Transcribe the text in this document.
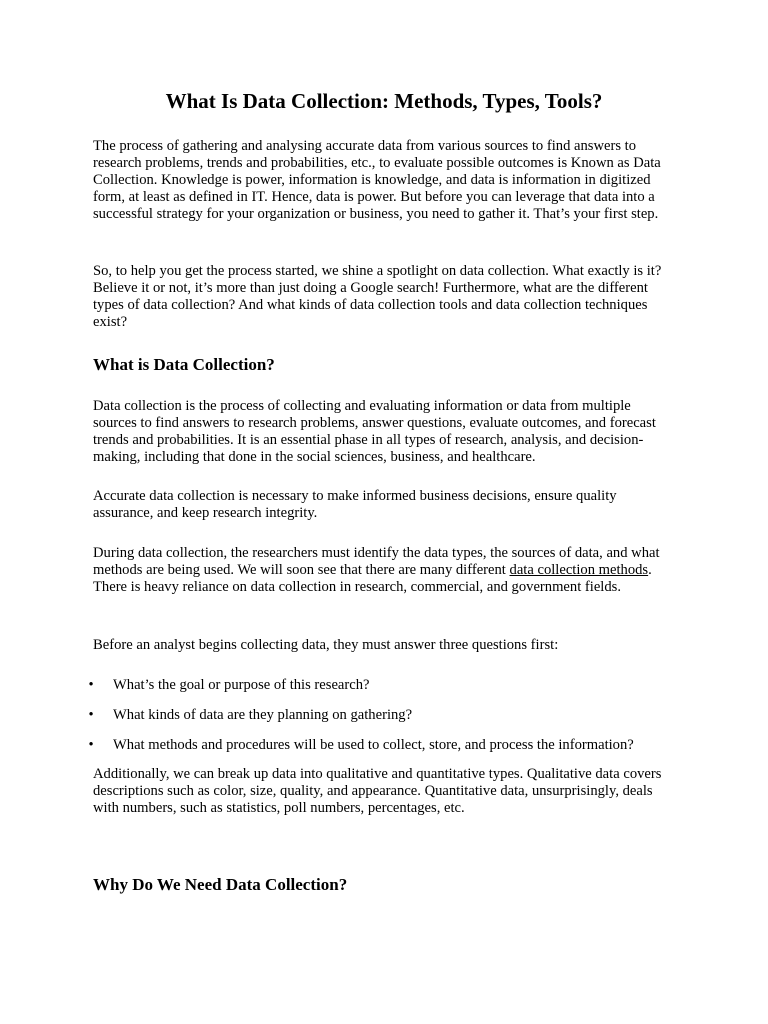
What Is Data Collection: Methods, Types, Tools?

The process of gathering and analysing accurate data from various sources to find answers to research problems, trends and probabilities, etc., to evaluate possible outcomes is Known as Data Collection. Knowledge is power, information is knowledge, and data is information in digitized form, at least as defined in IT. Hence, data is power. But before you can leverage that data into a successful strategy for your organization or business, you need to gather it. That’s your first step.

So, to help you get the process started, we shine a spotlight on data collection. What exactly is it? Believe it or not, it’s more than just doing a Google search! Furthermore, what are the different types of data collection? And what kinds of data collection tools and data collection techniques exist?

What is Data Collection?

Data collection is the process of collecting and evaluating information or data from multiple sources to find answers to research problems, answer questions, evaluate outcomes, and forecast trends and probabilities. It is an essential phase in all types of research, analysis, and decision-making, including that done in the social sciences, business, and healthcare.

Accurate data collection is necessary to make informed business decisions, ensure quality assurance, and keep research integrity.

During data collection, the researchers must identify the data types, the sources of data, and what methods are being used. We will soon see that there are many different data collection methods. There is heavy reliance on data collection in research, commercial, and government fields.

Before an analyst begins collecting data, they must answer three questions first:

• What’s the goal or purpose of this research?
• What kinds of data are they planning on gathering?
• What methods and procedures will be used to collect, store, and process the information?

Additionally, we can break up data into qualitative and quantitative types. Qualitative data covers descriptions such as color, size, quality, and appearance. Quantitative data, unsurprisingly, deals with numbers, such as statistics, poll numbers, percentages, etc.

Why Do We Need Data Collection?
